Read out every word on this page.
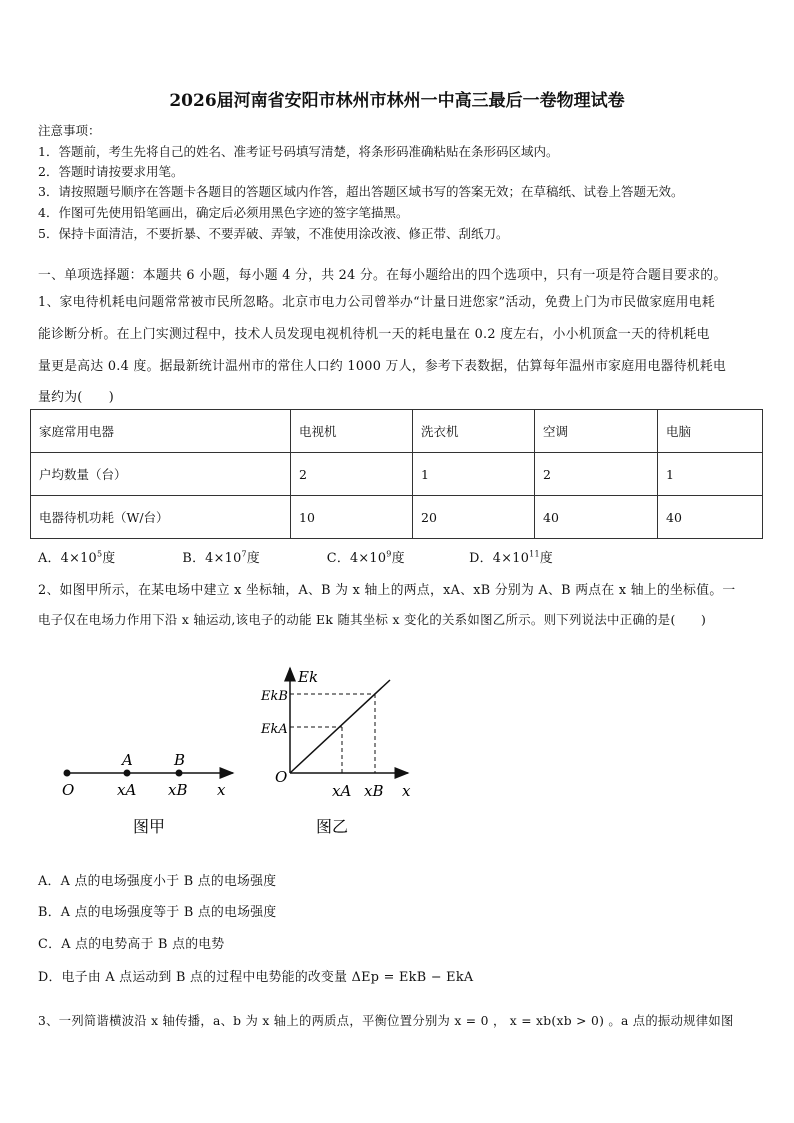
2026届河南省安阳市林州市林州一中高三最后一卷物理试卷
注意事项：
1．答题前，考生先将自己的姓名、准考证号码填写清楚，将条形码准确粘贴在条形码区域内。
2．答题时请按要求用笔。
3．请按照题号顺序在答题卡各题目的答题区域内作答，超出答题区域书写的答案无效；在草稿纸、试卷上答题无效。
4．作图可先使用铅笔画出，确定后必须用黑色字迹的签字笔描黑。
5．保持卡面清洁，不要折暴、不要弄破、弄皱，不准使用涂改液、修正带、刮纸刀。
一、单项选择题：本题共 6 小题，每小题 4 分，共 24 分。在每小题给出的四个选项中，只有一项是符合题目要求的。
1、家电待机耗电问题常常被市民所忽略。北京市电力公司曾举办“计量日进您家”活动，免费上门为市民做家庭用电耗
能诊断分析。在上门实测过程中，技术人员发现电视机待机一天的耗电量在 0.2 度左右，小小机顶盒一天的待机耗电
量更是高达 0.4 度。据最新统计温州市的常住人口约 1000 万人，参考下表数据，估算每年温州市家庭用电器待机耗电
量约为(　　)
家庭常用电器	电视机	洗衣机	空调	电脑
户均数量（台）	2	1	2	1
电器待机功耗（W/台）	10	20	40	40
A．$4\times 10^5$度	B．$4\times 10^7$度	C．$4\times 10^9$度	D．$4\times 10^{11}$度
2、如图甲所示，在某电场中建立 x 坐标轴，A、B 为 x 轴上的两点，xA、xB 分别为 A、B 两点在 x 轴上的坐标值。一
电子仅在电场力作用下沿 x 轴运动,该电子的动能 Ek 随其坐标 x 变化的关系如图乙所示。则下列说法中正确的是(　　)
A	B
O	xA xB x
图甲
Ek
EkB
EkA
O
xA xB x
图乙
A．A 点的电场强度小于 B 点的电场强度
B．A 点的电场强度等于 B 点的电场强度
C．A 点的电势高于 B 点的电势
D．电子由 A 点运动到 B 点的过程中电势能的改变量 ΔEp = EkB − EkA
3、一列简谐横波沿 x 轴传播，a、b 为 x 轴上的两质点，平衡位置分别为 x = 0 ， x = xb(xb > 0) 。a 点的振动规律如图
